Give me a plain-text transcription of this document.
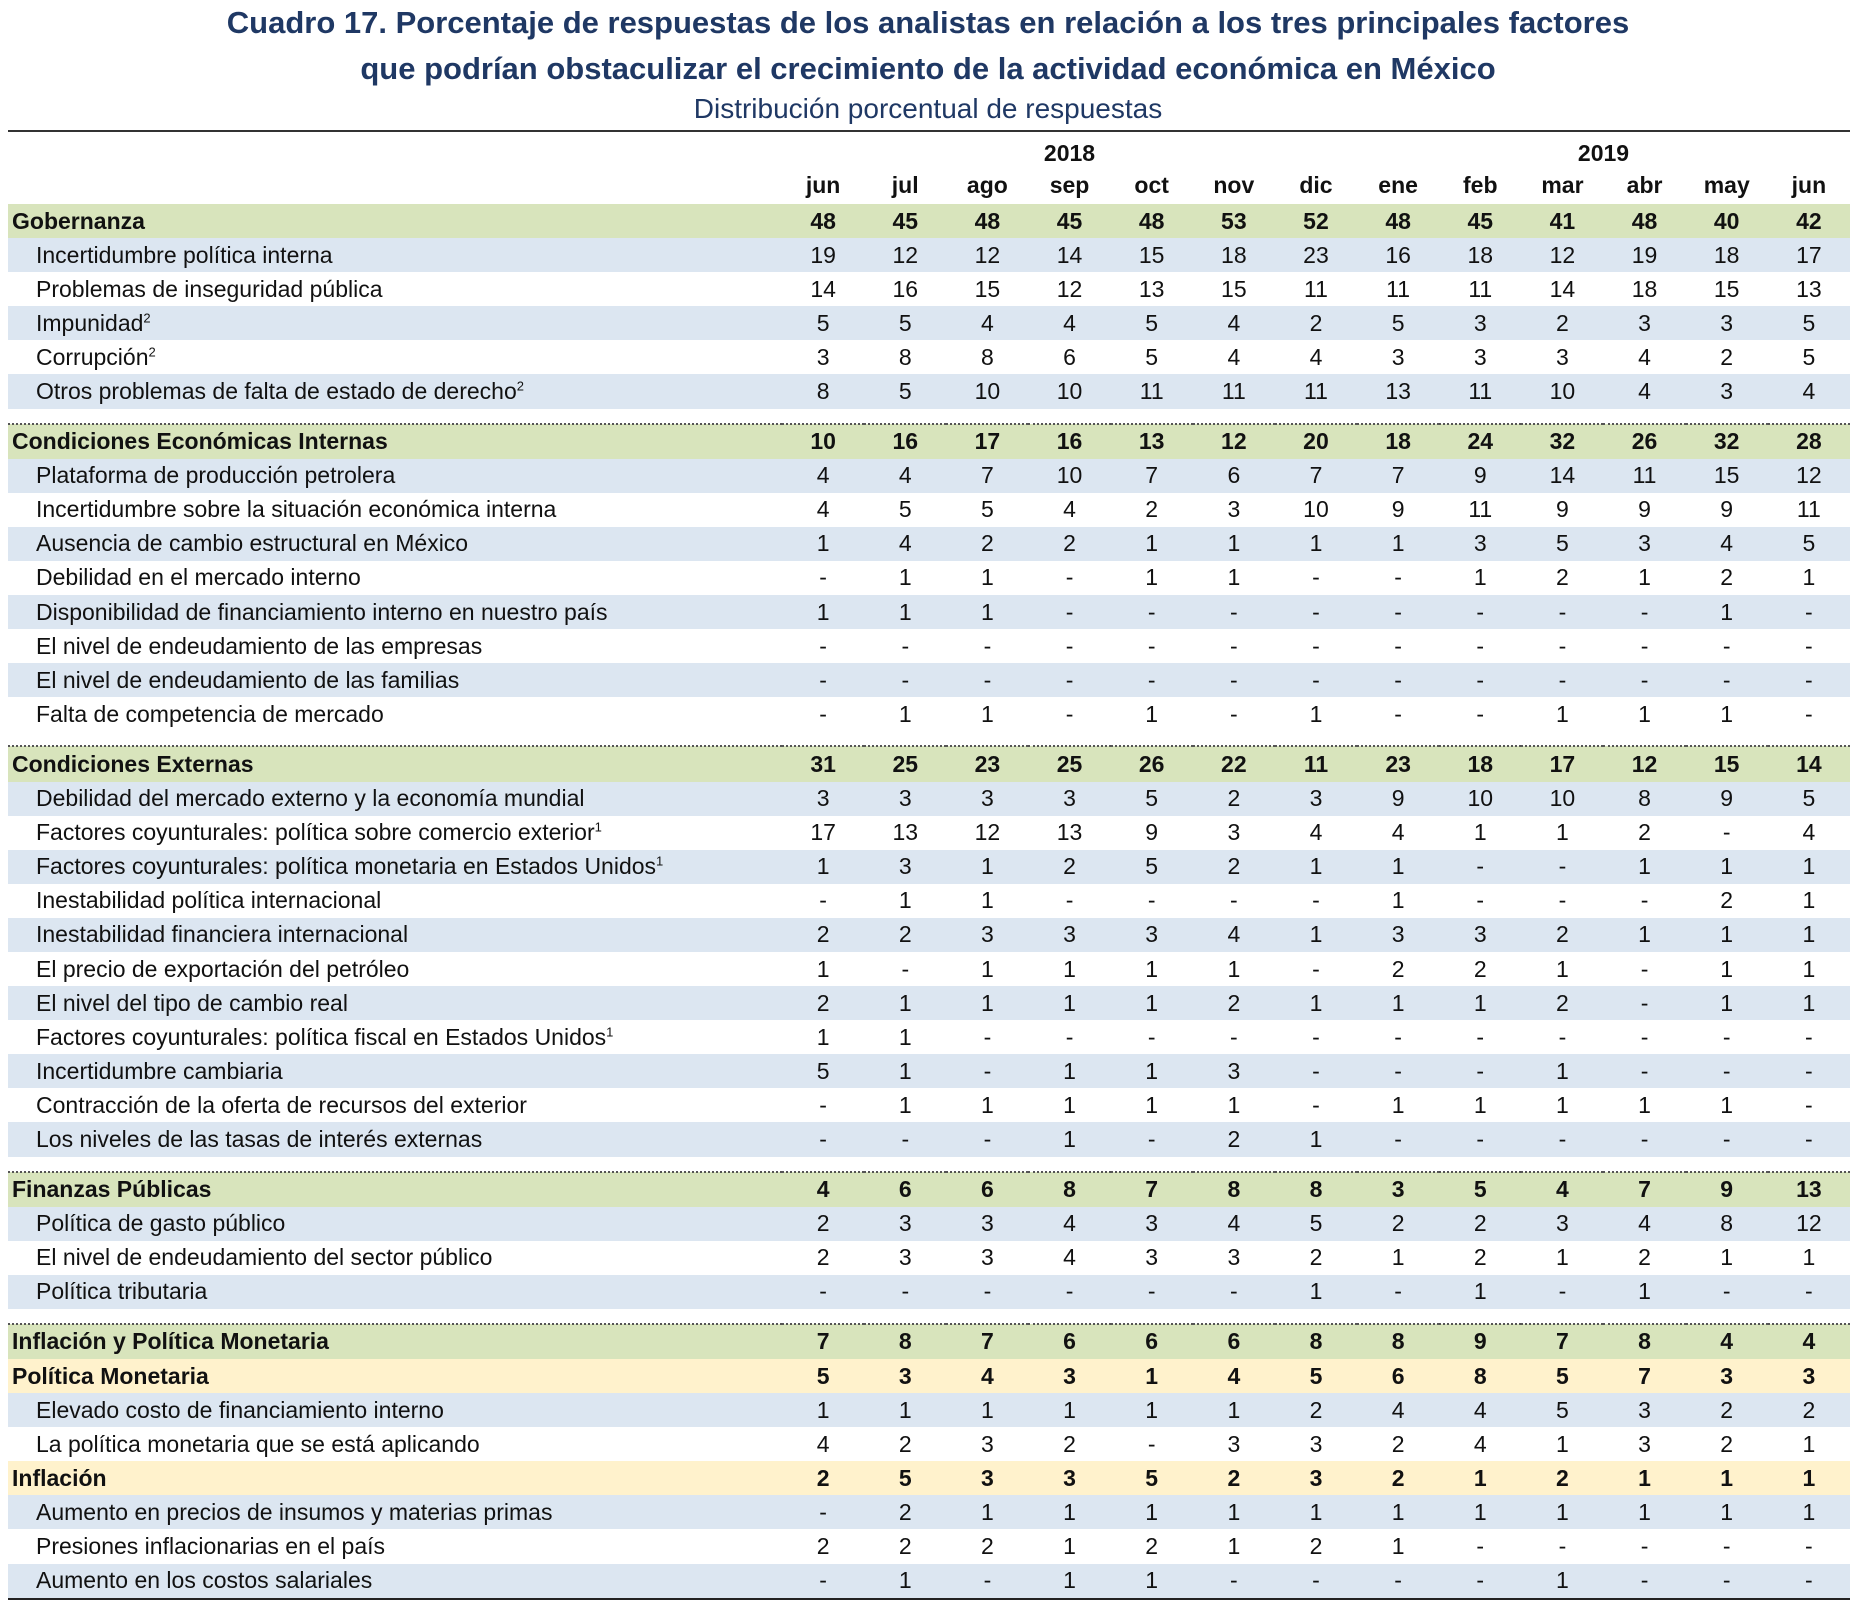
Cuadro 17. Porcentaje de respuestas de los analistas en relación a los tres principales factores

que podrían obstaculizar el crecimiento de la actividad económica en México

Distribución porcentual de respuestas

2018	2019
jun jul ago sep oct nov dic ene feb mar abr may jun
Gobernanza	48	45	48	45	48	53	52	48	45	41	48	40	42
Incertidumbre política interna	19	12	12	14	15	18	23	16	18	12	19	18	17
Problemas de inseguridad pública	14	16	15	12	13	15	11	11	11	14	18	15	13
Impunidad$^2$	5	5	4	4	5	4	2	5	3	2	3	3	5
Corrupción$^2$	3	8	8	6	5	4	4	3	3	3	4	2	5
Otros problemas de falta de estado de derecho$^2$	8	5	10	10	11	11	11	13	11	10	4	3	4

Condiciones Económicas Internas	10	16	17	16	13	12	20	18	24	32	26	32	28
Plataforma de producción petrolera	4	4	7	10	7	6	7	7	9	14	11	15	12
Incertidumbre sobre la situación económica interna	4	5	5	4	2	3	10	9	11	9	9	9	11
Ausencia de cambio estructural en México	1	4	2	2	1	1	1	1	3	5	3	4	5
Debilidad en el mercado interno	-	1	1	-	1	1	-	-	1	2	1	2	1
Disponibilidad de financiamiento interno en nuestro país	1	1	1	-	-	-	-	-	-	-	-	1	-
El nivel de endeudamiento de las empresas	-	-	-	-	-	-	-	-	-	-	-	-	-
El nivel de endeudamiento de las familias	-	-	-	-	-	-	-	-	-	-	-	-	-
Falta de competencia de mercado	-	1	1	-	1	-	1	-	-	1	1	1	-

Condiciones Externas	31	25	23	25	26	22	11	23	18	17	12	15	14
Debilidad del mercado externo y la economía mundial	3	3	3	3	5	2	3	9	10	10	8	9	5
Factores coyunturales: política sobre comercio exterior$^1$	17	13	12	13	9	3	4	4	1	1	2	-	4
Factores coyunturales: política monetaria en Estados Unidos$^1$	1	3	1	2	5	2	1	1	-	-	1	1	1
Inestabilidad política internacional	-	1	1	-	-	-	-	1	-	-	-	2	1
Inestabilidad financiera internacional	2	2	3	3	3	4	1	3	3	2	1	1	1
El precio de exportación del petróleo	1	-	1	1	1	1	-	2	2	1	-	1	1
El nivel del tipo de cambio real	2	1	1	1	1	2	1	1	1	2	-	1	1
Factores coyunturales: política fiscal en Estados Unidos$^1$	1	1	-	-	-	-	-	-	-	-	-	-	-
Incertidumbre cambiaria	5	1	-	1	1	3	-	-	-	1	-	-	-
Contracción de la oferta de recursos del exterior	-	1	1	1	1	1	-	1	1	1	1	1	-
Los niveles de las tasas de interés externas	-	-	-	1	-	2	1	-	-	-	-	-	-

Finanzas Públicas	4	6	6	8	7	8	8	3	5	4	7	9	13
Política de gasto público	2	3	3	4	3	4	5	2	2	3	4	8	12
El nivel de endeudamiento del sector público	2	3	3	4	3	3	2	1	2	1	2	1	1
Política tributaria	-	-	-	-	-	-	1	-	1	-	1	-	-

Inflación y Política Monetaria	7	8	7	6	6	6	8	8	9	7	8	4	4
Política Monetaria	5	3	4	3	1	4	5	6	8	5	7	3	3
Elevado costo de financiamiento interno	1	1	1	1	1	1	2	4	4	5	3	2	2
La política monetaria que se está aplicando	4	2	3	2	-	3	3	2	4	1	3	2	1
Inflación	2	5	3	3	5	2	3	2	1	2	1	1	1
Aumento en precios de insumos y materias primas	-	2	1	1	1	1	1	1	1	1	1	1	1
Presiones inflacionarias en el país	2	2	2	1	2	1	2	1	-	-	-	-	-
Aumento en los costos salariales	-	1	-	1	1	-	-	-	-	1	-	-	-
